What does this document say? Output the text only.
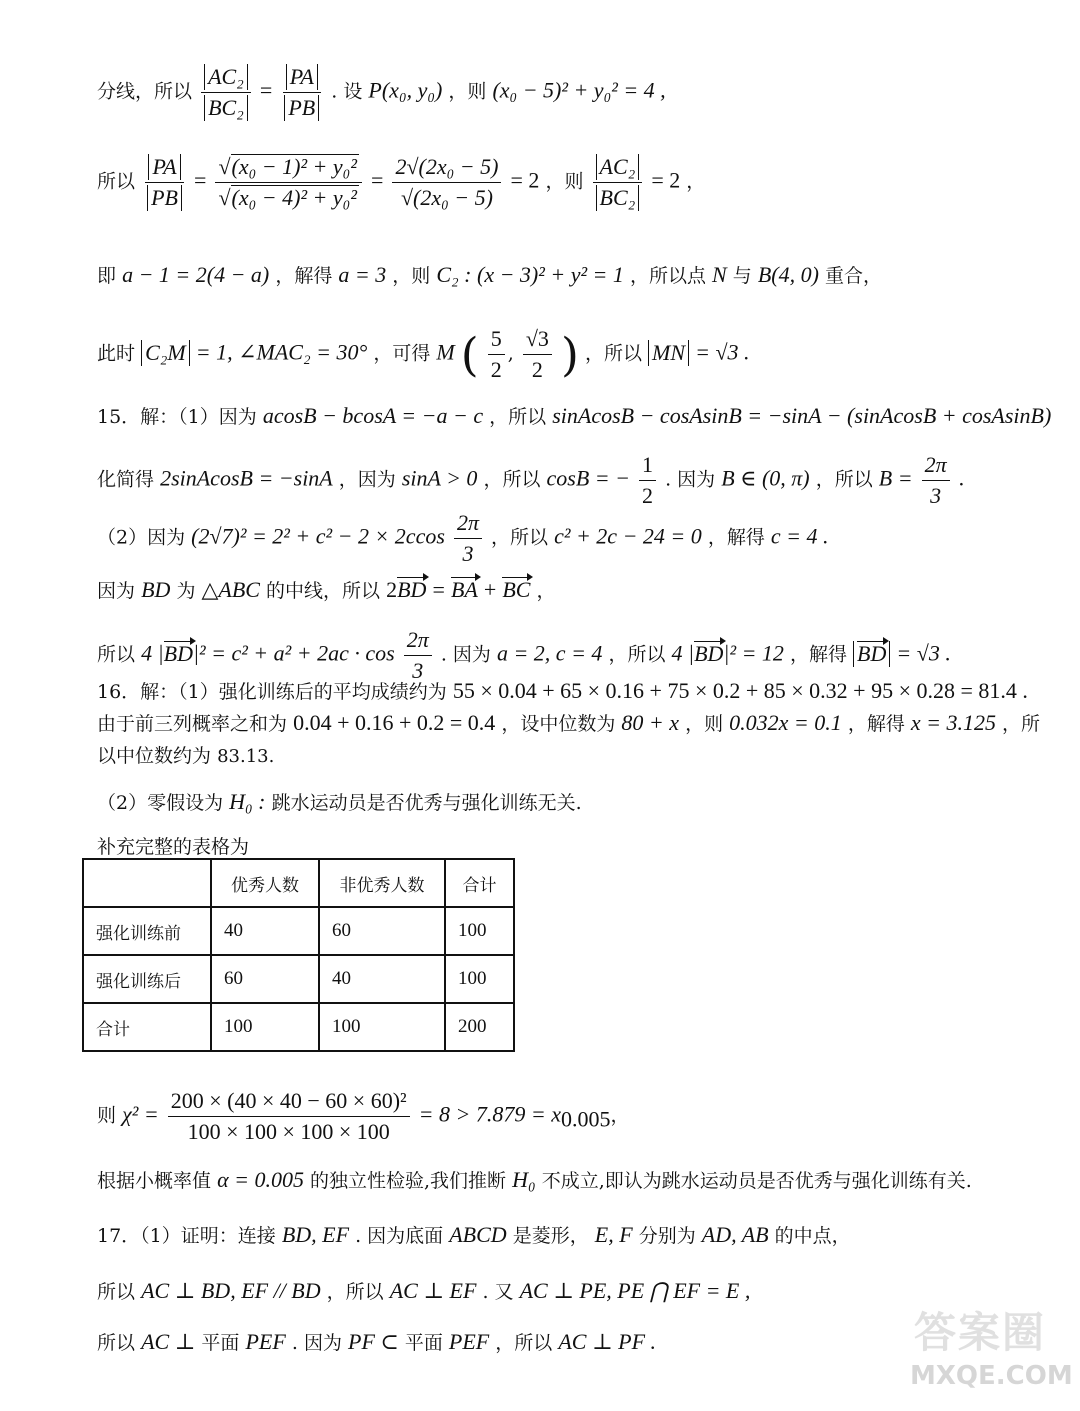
分线，所以 $\frac{\text{AC₂}}{\text{BC₂}} = \frac{PA}{PB}$ . 设 P(x₀, y₀) ，则 (x₀ − 5)² + y₀² = 4 ,
所以 $\frac{PA}{PB} = \frac{\text{√(x₀ − 1)² + y₀²}}{\text{√(x₀ − 4)² + y₀²}} = \frac{\text{2√(2x₀ − 5)}}{\text{√(2x₀ − 5)}} = 2$ ，则 $\frac{\text{AC₂}}{\text{BC₂}} = 2$ ，
即 a − 1 = 2(4 − a) ，解得 a = 3 ，则 C₂ : (x − 3)² + y² = 1 ，所以点 N 与 B(4, 0) 重合，
此时 C₂M = 1, ∠MAC₂ = 30° ，可得 M ( $\frac{5}{2}$ , $\frac{√3}{2}$ ) ，所以 MN = √3 .
15．解：（1）因为 acosB − bcosA = −a − c ，所以 sinAcosB − cosAsinB = −sinA − (sinAcosB + cosAsinB)
化简得 2sinAcosB = −sinA ，因为 sinA > 0 ，所以 cosB = − $\frac{1}{2}$ . 因为 B ∈ (0, π) ，所以 $B = \frac{2\pi}{3}$ .
（2）因为 $(2√7)^2 = 2^2 + c^2 - 2 \times 2ccos \frac{2\pi}{3}$ ，所以 c² + 2c − 24 = 0 ，解得 c = 4 .
因为 BD 为 △ABC 的中线，所以 2BD = BA + BC ，
所以 4 $|BD|^2 = c^2 + a^2 + 2ac \cdot \cos \frac{2\pi}{3}$ . 因为 a = 2, c = 4 ，所以 4 |BD|² = 12 ，解得 BD = √3 .
16．解：（1）强化训练后的平均成绩约为 55 × 0.04 + 65 × 0.16 + 75 × 0.2 + 85 × 0.32 + 95 × 0.28 = 81.4 .
由于前三列概率之和为 0.04 + 0.16 + 0.2 = 0.4 ，设中位数为 80 + x ，则 0.032x = 0.1 ，解得 x = 3.125 ，所
以中位数约为 83.13.
（2）零假设为 H₀ : 跳水运动员是否优秀与强化训练无关.
补充完整的表格为
	优秀人数	非优秀人数	合计
强化训练前	40	60	100
强化训练后	60	40	100
合计	100	100	200
则 $\chi^2 = \frac{\text{200 × (40 × 40 − 60 × 60)²}}{100 \times 100 \times 100 \times 100} = 8 > 7.879 = x_{0.005}$，
根据小概率值 α = 0.005 的独立性检验,我们推断 H₀ 不成立,即认为跳水运动员是否优秀与强化训练有关.
17．（1）证明：连接 BD, EF . 因为底面 ABCD 是菱形， E, F 分别为 AD, AB 的中点，
所以 AC ⊥ BD, EF // BD ，所以 AC ⊥ EF . 又 AC ⊥ PE, PE ⋂ EF = E ,
所以 AC ⊥ 平面 PEF . 因为 PF ⊂ 平面 PEF ，所以 AC ⊥ PF .	答案圈
MXQE.COM
